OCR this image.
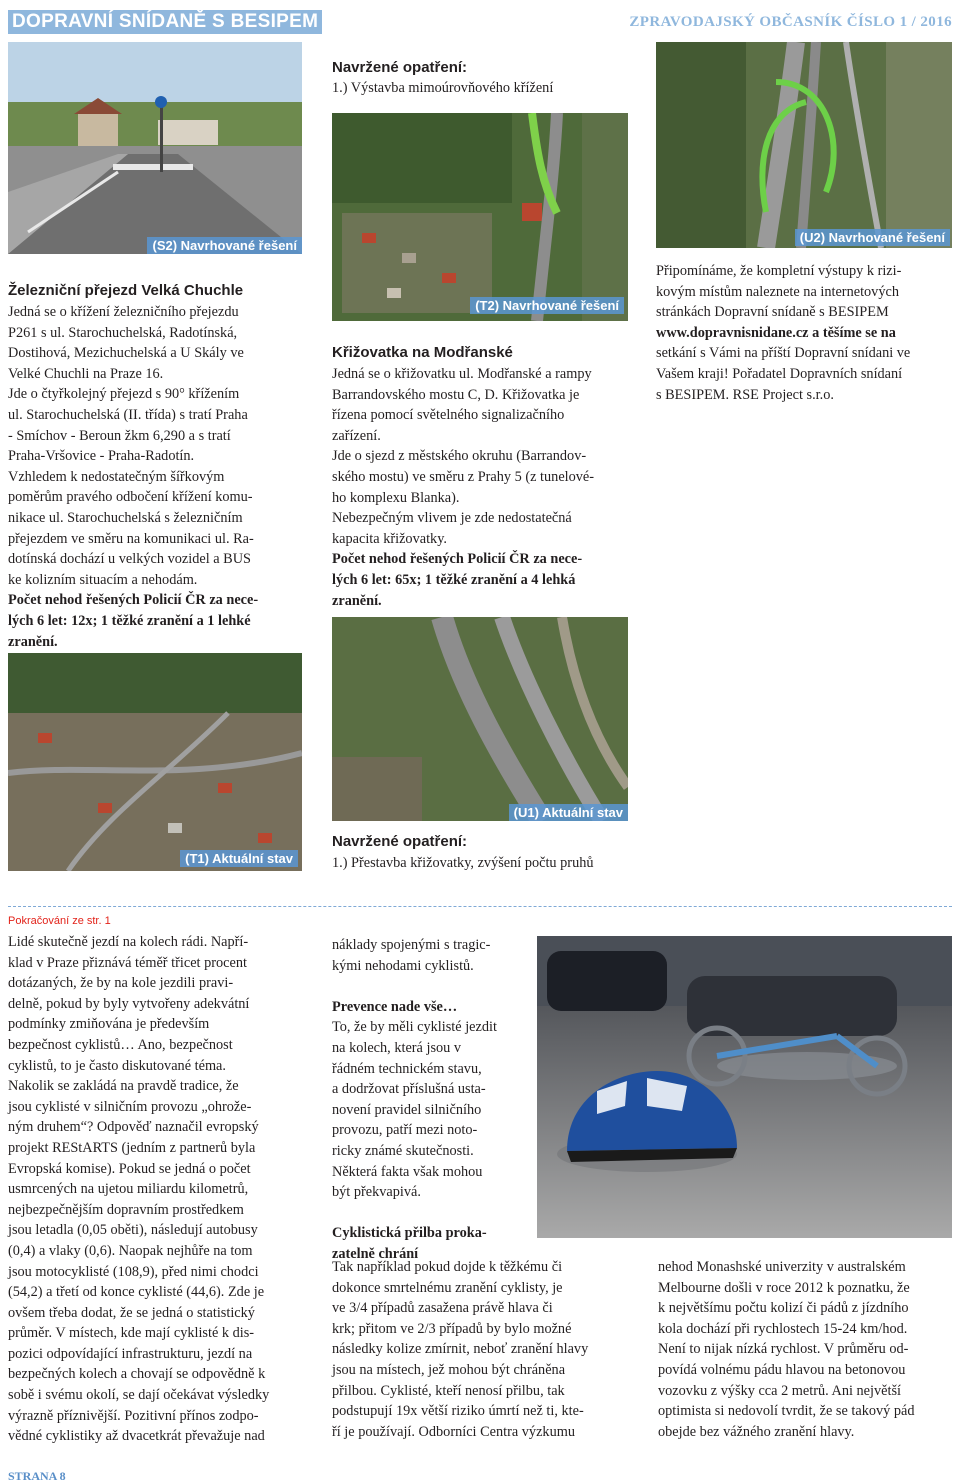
DOPRAVNÍ SNÍDANĚ S BESIPEM	ZPRAVODAJSKÝ OBČASNÍK ČÍSLO 1 / 2016
(S2) Navrhované řešení
Železniční přejezd Velká Chuchle

Jedná se o křížení železničního přejezdu

P261 s ul. Starochuchelská, Radotínská,

Dostihová, Mezichuchelská a U Skály ve

Velké Chuchli na Praze 16.

Jde o čtyřkolejný přejezd s 90° křížením

ul. Starochuchelská (II. třída) s tratí Praha

- Smíchov - Beroun žkm 6,290 a s tratí

Praha-Vršovice - Praha-Radotín.

Vzhledem k nedostatečným šířkovým

poměrům pravého odbočení křížení komu-

nikace ul. Starochuchelská s železničním

přejezdem ve směru na komunikaci ul. Ra-

dotínská dochází u velkých vozidel a BUS

ke kolizním situacím a nehodám.

Počet nehod řešených Policií ČR za nece-

lých 6 let: 12x; 1 těžké zranění a 1 lehké

zranění.

Navržené opatření:
1.) Výstavba mimoúrovňového křížení
(T2) Navrhované řešení
Křižovatka na Modřanské

Jedná se o křižovatku ul. Modřanské a rampy

Barrandovského mostu C, D. Křižovatka je

řízena pomocí světelného signalizačního

zařízení.

Jde o sjezd z městského okruhu (Barrandov-

ského mostu) ve směru z Prahy 5 (z tunelové-

ho komplexu Blanka).

Nebezpečným vlivem je zde nedostatečná

kapacita křižovatky.

Počet nehod řešených Policií ČR za nece-

lých 6 let: 65x; 1 těžké zranění a 4 lehká

zranění.

(U2) Navrhované řešení

Připomínáme, že kompletní výstupy k rizi-

kovým místům naleznete na internetových

stránkách Dopravní snídaně s BESIPEM

www.dopravnisnidane.cz a těšíme se na

setkání s Vámi na příští Dopravní snídani ve

Vašem kraji! Pořadatel Dopravních snídaní

s BESIPEM. RSE Project s.r.o.

(T1) Aktuální stav
(U1) Aktuální stav
Navržené opatření:
1.) Přestavba křižovatky, zvýšení počtu pruhů
Pokračování ze str. 1

Lidé skutečně jezdí na kolech rádi. Napří-

klad v Praze přiznává téměř třicet procent

dotázaných, že by na kole jezdili pravi-

delně, pokud by byly vytvořeny adekvátní

podmínky zmiňována je především

bezpečnost cyklistů… Ano, bezpečnost

cyklistů, to je často diskutované téma.

Nakolik se zakládá na pravdě tradice, že

jsou cyklisté v silničním provozu „ohrože-

ným druhem“? Odpověď naznačil evropský

projekt REStARTS (jedním z partnerů byla

Evropská komise). Pokud se jedná o počet

usmrcených na ujetou miliardu kilometrů,

nejbezpečnějším dopravním prostředkem

jsou letadla (0,05 oběti), následují autobusy

(0,4) a vlaky (0,6). Naopak nejhůře na tom

jsou motocyklisté (108,9), před nimi chodci

(54,2) a třetí od konce cyklisté (44,6). Zde je

ovšem třeba dodat, že se jedná o statistický

průměr. V místech, kde mají cyklisté k dis-

pozici odpovídající infrastrukturu, jezdí na

bezpečných kolech a chovají se odpovědně k

sobě i svému okolí, se dají očekávat výsledky

výrazně příznivější. Pozitivní přínos zodpo-

vědné cyklistiky až dvacetkrát převažuje nad

náklady spojenými s tragic-

kými nehodami cyklistů.

Prevence nade vše…

To, že by měli cyklisté jezdit

na kolech, která jsou v

řádném technickém stavu,

a dodržovat příslušná usta-

novení pravidel silničního

provozu, patří mezi noto-

ricky známé skutečnosti.

Některá fakta však mohou

být překvapivá.

Cyklistická přilba proka-

zatelně chrání

Tak například pokud dojde k těžkému či

dokonce smrtelnému zranění cyklisty, je

ve 3/4 případů zasažena právě hlava či

krk; přitom ve 2/3 případů by bylo možné

následky kolize zmírnit, neboť zranění hlavy

jsou na místech, jež mohou být chráněna

přilbou. Cyklisté, kteří nenosí přilbu, tak

podstupují 19x větší riziko úmrtí než ti, kte-

ří je používají. Odborníci Centra výzkumu

nehod Monashské univerzity v australském

Melbourne došli v roce 2012 k poznatku, že

k největšímu počtu kolizí či pádů z jízdního

kola dochází při rychlostech 15-24 km/hod.

Není to nijak nízká rychlost. V průměru od-

povídá volnému pádu hlavou na betonovou

vozovku z výšky cca 2 metrů. Ani největší

optimista si nedovolí tvrdit, že se takový pád

obejde bez vážného zranění hlavy.

STRANA 8
